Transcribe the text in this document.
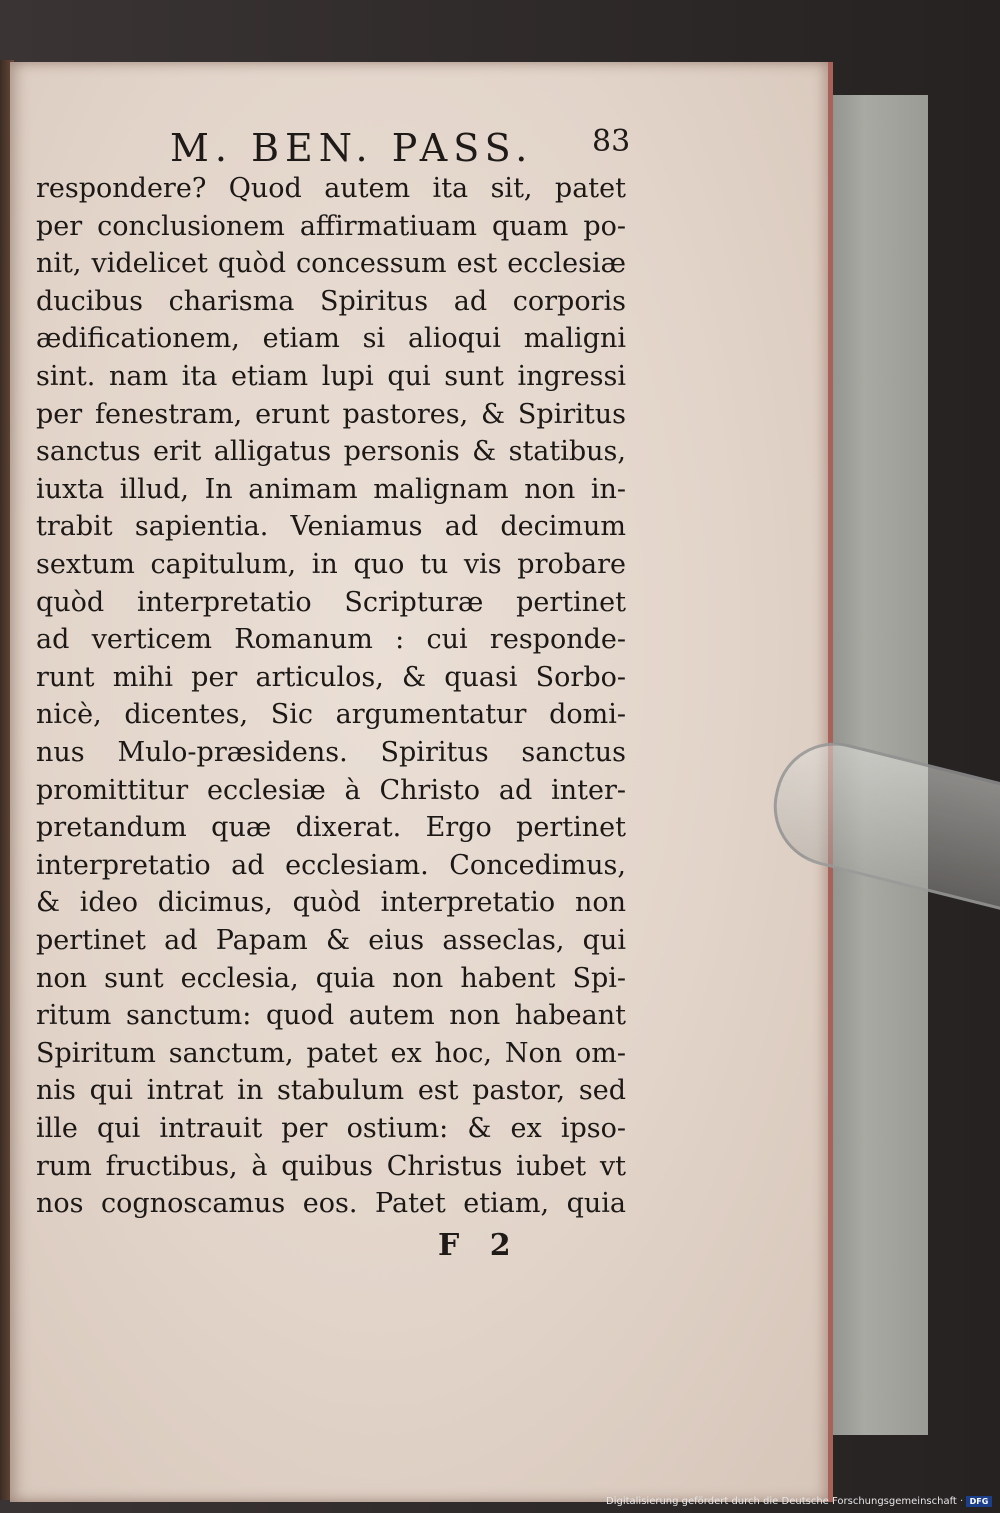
M. BEN. PASS.	83
respondere? Quod autem ita sit, patet
per conclusionem affirmatiuam quam po-
nit, videlicet quòd concessum est ecclesiæ
ducibus charisma Spiritus ad corporis
ædificationem, etiam si alioqui maligni
sint. nam ita etiam lupi qui sunt ingressi
per fenestram, erunt pastores, & Spiritus
sanctus erit alligatus personis & statibus,
iuxta illud, In animam malignam non in-
trabit sapientia. Veniamus ad decimum
sextum capitulum, in quo tu vis probare
quòd interpretatio Scripturæ pertinet
ad verticem Romanum : cui responde-
runt mihi per articulos, & quasi Sorbo-
nicè, dicentes, Sic argumentatur domi-
nus Mulo-præsidens. Spiritus sanctus
promittitur ecclesiæ à Christo ad inter-
pretandum quæ dixerat. Ergo pertinet
interpretatio ad ecclesiam. Concedimus,
& ideo dicimus, quòd interpretatio non
pertinet ad Papam & eius asseclas, qui
non sunt ecclesia, quia non habent Spi-
ritum sanctum: quod autem non habeant
Spiritum sanctum, patet ex hoc, Non om-
nis qui intrat in stabulum est pastor, sed
ille qui intrauit per ostium: & ex ipso-
rum fructibus, à quibus Christus iubet vt
nos cognoscamus eos. Patet etiam, quia
F 2
Digitalisierung gefördert durch die Deutsche Forschungsgemeinschaft · DFG
